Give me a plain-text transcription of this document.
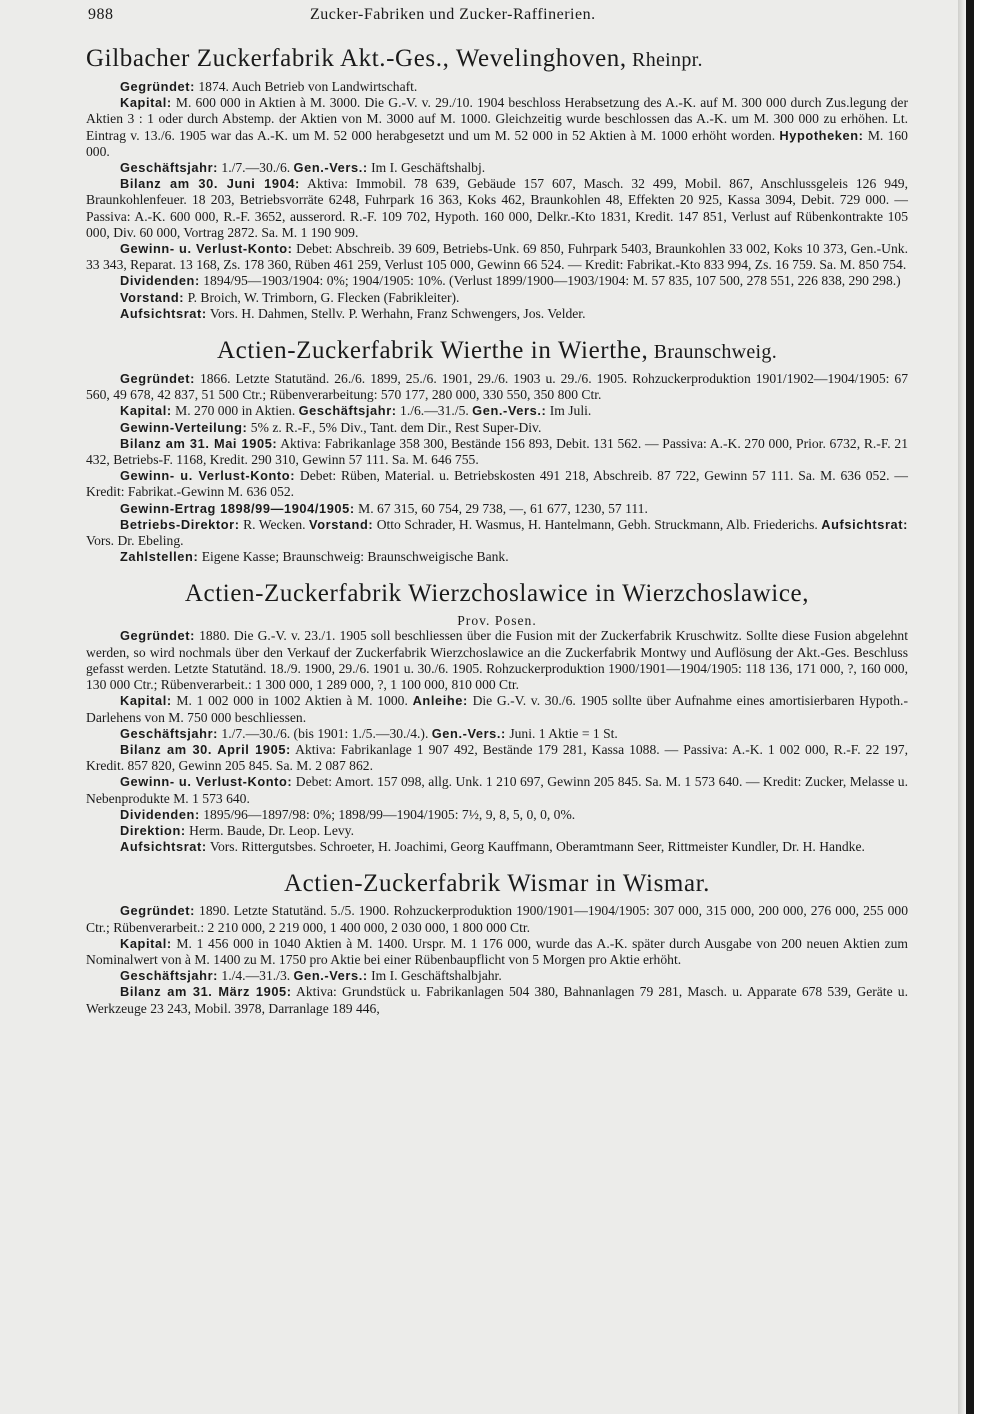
988	Zucker-Fabriken und Zucker-Raffinerien.
Gilbacher Zuckerfabrik Akt.-Ges., Wevelinghoven, Rheinpr.

Gegründet: 1874. Auch Betrieb von Landwirtschaft.

Kapital: M. 600 000 in Aktien à M. 3000. Die G.-V. v. 29./10. 1904 beschloss Herabsetzung des A.-K. auf M. 300 000 durch Zus.legung der Aktien 3 : 1 oder durch Abstemp. der Aktien von M. 3000 auf M. 1000. Gleichzeitig wurde beschlossen das A.-K. um M. 300 000 zu erhöhen. Lt. Eintrag v. 13./6. 1905 war das A.-K. um M. 52 000 herabgesetzt und um M. 52 000 in 52 Aktien à M. 1000 erhöht worden. Hypotheken: M. 160 000.

Geschäftsjahr: 1./7.—30./6. Gen.-Vers.: Im I. Geschäftshalbj.

Bilanz am 30. Juni 1904: Aktiva: Immobil. 78 639, Gebäude 157 607, Masch. 32 499, Mobil. 867, Anschlussgeleis 126 949, Braunkohlenfeuer. 18 203, Betriebsvorräte 6248, Fuhrpark 16 363, Koks 462, Braunkohlen 48, Effekten 20 925, Kassa 3094, Debit. 729 000. — Passiva: A.-K. 600 000, R.-F. 3652, ausserord. R.-F. 109 702, Hypoth. 160 000, Delkr.-Kto 1831, Kredit. 147 851, Verlust auf Rübenkontrakte 105 000, Div. 60 000, Vortrag 2872. Sa. M. 1 190 909.

Gewinn- u. Verlust-Konto: Debet: Abschreib. 39 609, Betriebs-Unk. 69 850, Fuhrpark 5403, Braunkohlen 33 002, Koks 10 373, Gen.-Unk. 33 343, Reparat. 13 168, Zs. 178 360, Rüben 461 259, Verlust 105 000, Gewinn 66 524. — Kredit: Fabrikat.-Kto 833 994, Zs. 16 759. Sa. M. 850 754.

Dividenden: 1894/95—1903/1904: 0%; 1904/1905: 10%. (Verlust 1899/1900—1903/1904: M. 57 835, 107 500, 278 551, 226 838, 290 298.)

Vorstand: P. Broich, W. Trimborn, G. Flecken (Fabrikleiter).

Aufsichtsrat: Vors. H. Dahmen, Stellv. P. Werhahn, Franz Schwengers, Jos. Velder.

Actien-Zuckerfabrik Wierthe in Wierthe, Braunschweig.

Gegründet: 1866. Letzte Statutänd. 26./6. 1899, 25./6. 1901, 29./6. 1903 u. 29./6. 1905. Rohzuckerproduktion 1901/1902—1904/1905: 67 560, 49 678, 42 837, 51 500 Ctr.; Rübenverarbeitung: 570 177, 280 000, 330 550, 350 800 Ctr.

Kapital: M. 270 000 in Aktien. Geschäftsjahr: 1./6.—31./5. Gen.-Vers.: Im Juli.

Gewinn-Verteilung: 5% z. R.-F., 5% Div., Tant. dem Dir., Rest Super-Div.

Bilanz am 31. Mai 1905: Aktiva: Fabrikanlage 358 300, Bestände 156 893, Debit. 131 562. — Passiva: A.-K. 270 000, Prior. 6732, R.-F. 21 432, Betriebs-F. 1168, Kredit. 290 310, Gewinn 57 111. Sa. M. 646 755.

Gewinn- u. Verlust-Konto: Debet: Rüben, Material. u. Betriebskosten 491 218, Abschreib. 87 722, Gewinn 57 111. Sa. M. 636 052. — Kredit: Fabrikat.-Gewinn M. 636 052.

Gewinn-Ertrag 1898/99—1904/1905: M. 67 315, 60 754, 29 738, —, 61 677, 1230, 57 111.

Betriebs-Direktor: R. Wecken. Vorstand: Otto Schrader, H. Wasmus, H. Hantelmann, Gebh. Struckmann, Alb. Friederichs. Aufsichtsrat: Vors. Dr. Ebeling.

Zahlstellen: Eigene Kasse; Braunschweig: Braunschweigische Bank.

Actien-Zuckerfabrik Wierzchoslawice in Wierzchoslawice,
Prov. Posen.

Gegründet: 1880. Die G.-V. v. 23./1. 1905 soll beschliessen über die Fusion mit der Zuckerfabrik Kruschwitz. Sollte diese Fusion abgelehnt werden, so wird nochmals über den Verkauf der Zuckerfabrik Wierzchoslawice an die Zuckerfabrik Montwy und Auflösung der Akt.-Ges. Beschluss gefasst werden. Letzte Statutänd. 18./9. 1900, 29./6. 1901 u. 30./6. 1905. Rohzuckerproduktion 1900/1901—1904/1905: 118 136, 171 000, ?, 160 000, 130 000 Ctr.; Rübenverarbeit.: 1 300 000, 1 289 000, ?, 1 100 000, 810 000 Ctr.

Kapital: M. 1 002 000 in 1002 Aktien à M. 1000. Anleihe: Die G.-V. v. 30./6. 1905 sollte über Aufnahme eines amortisierbaren Hypoth.-Darlehens von M. 750 000 beschliessen.

Geschäftsjahr: 1./7.—30./6. (bis 1901: 1./5.—30./4.). Gen.-Vers.: Juni. 1 Aktie = 1 St.

Bilanz am 30. April 1905: Aktiva: Fabrikanlage 1 907 492, Bestände 179 281, Kassa 1088. — Passiva: A.-K. 1 002 000, R.-F. 22 197, Kredit. 857 820, Gewinn 205 845. Sa. M. 2 087 862.

Gewinn- u. Verlust-Konto: Debet: Amort. 157 098, allg. Unk. 1 210 697, Gewinn 205 845. Sa. M. 1 573 640. — Kredit: Zucker, Melasse u. Nebenprodukte M. 1 573 640.

Dividenden: 1895/96—1897/98: 0%; 1898/99—1904/1905: 7½, 9, 8, 5, 0, 0, 0%.

Direktion: Herm. Baude, Dr. Leop. Levy.

Aufsichtsrat: Vors. Rittergutsbes. Schroeter, H. Joachimi, Georg Kauffmann, Oberamtmann Seer, Rittmeister Kundler, Dr. H. Handke.

Actien-Zuckerfabrik Wismar in Wismar.

Gegründet: 1890. Letzte Statutänd. 5./5. 1900. Rohzuckerproduktion 1900/1901—1904/1905: 307 000, 315 000, 200 000, 276 000, 255 000 Ctr.; Rübenverarbeit.: 2 210 000, 2 219 000, 1 400 000, 2 030 000, 1 800 000 Ctr.

Kapital: M. 1 456 000 in 1040 Aktien à M. 1400. Urspr. M. 1 176 000, wurde das A.-K. später durch Ausgabe von 200 neuen Aktien zum Nominalwert von à M. 1400 zu M. 1750 pro Aktie bei einer Rübenbaupflicht von 5 Morgen pro Aktie erhöht.

Geschäftsjahr: 1./4.—31./3. Gen.-Vers.: Im I. Geschäftshalbjahr.

Bilanz am 31. März 1905: Aktiva: Grundstück u. Fabrikanlagen 504 380, Bahnanlagen 79 281, Masch. u. Apparate 678 539, Geräte u. Werkzeuge 23 243, Mobil. 3978, Darranlage 189 446,
